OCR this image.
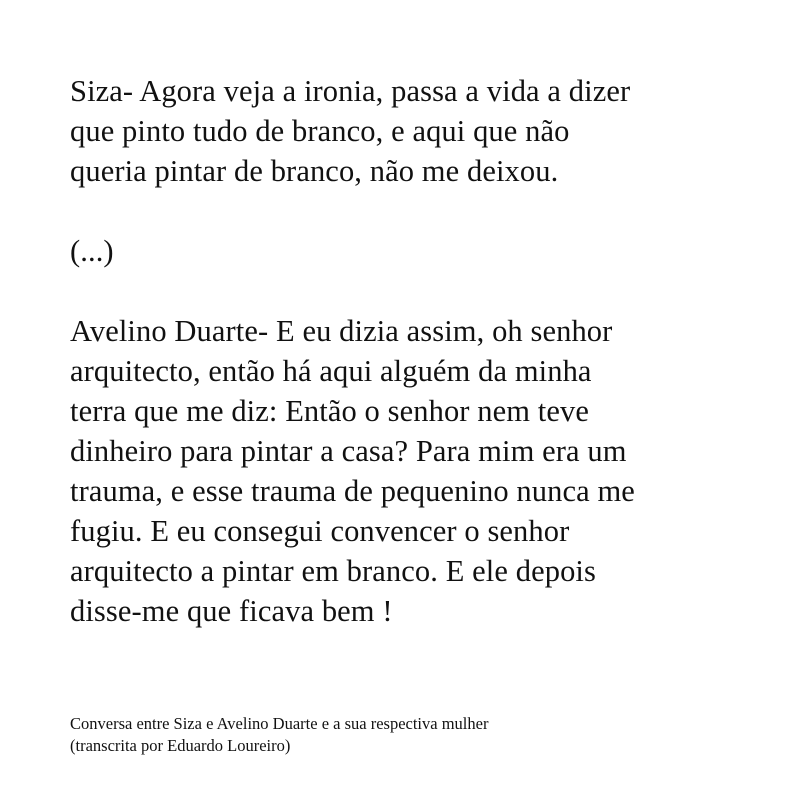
Siza- Agora veja a ironia, passa a vida a dizer
que pinto tudo de branco, e aqui que não
queria pintar de branco, não me deixou.
(...)
Avelino Duarte- E eu dizia assim, oh senhor
arquitecto, então há aqui alguém da minha
terra que me diz: Então o senhor nem teve
dinheiro para pintar a casa? Para mim era um
trauma, e esse trauma de pequenino nunca me
fugiu. E eu consegui convencer o senhor
arquitecto a pintar em branco. E ele depois
disse-me que ficava bem !
Conversa entre Siza e Avelino Duarte e a sua respectiva mulher
(transcrita por Eduardo Loureiro)
